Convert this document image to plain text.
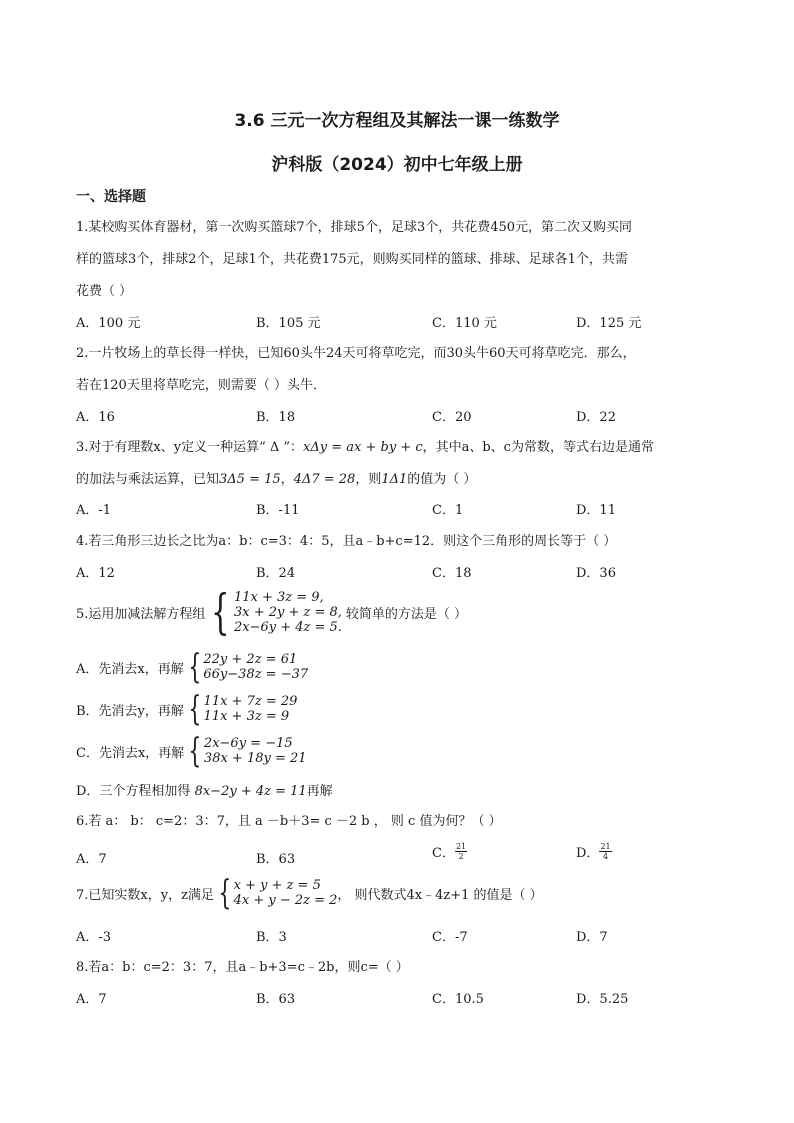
3.6 三元一次方程组及其解法一课一练数学
沪科版（2024）初中七年级上册
一、选择题
1.某校购买体育器材，第一次购买篮球7个，排球5个，足球3个，共花费450元，第二次又购买同
样的篮球3个，排球2个，足球1个，共花费175元，则购买同样的篮球、排球、足球各1个，共需
花费（ ）
A．100 元	B．105 元	C．110 元	D．125 元
2.一片牧场上的草长得一样快，已知60头牛24天可将草吃完，而30头牛60天可将草吃完．那么，
若在120天里将草吃完，则需要（ ）头牛．
A．16	B．18	C．20	D．22
3.对于有理数x、y定义一种运算“ Δ ”：xΔy = ax + by + c，其中a、b、c为常数，等式右边是通常
的加法与乘法运算，已知3Δ5 = 15，4Δ7 = 28，则1Δ1的值为（ ）
A．-1	B．-11	C．1	D．11
4.若三角形三边长之比为a：b：c=3：4：5，且a﹣b+c=12．则这个三角形的周长等于（ ）
A．12	B．24	C．18	D．36
5.运用加减法解方程组 { 11x + 3z = 9,
3x + 2y + z = 8,
2x−6y + 4z = 5.
较简单的方法是（ ）
A．先消去x，再解 { 22y + 2z = 61
66y−38z = −37
B．先消去y，再解 { 11x + 7z = 29
11x + 3z = 9
C．先消去x，再解 { 2x−6y = −15
38x + 18y = 21
D．三个方程相加得 8x−2y + 4z = 11再解
6.若 a： b： c=2：3：7，且 a －b＋3= c －2 b ， 则 c 值为何？（ ）
A．7	B．63	C． $\frac{21}{2}$	D． $\frac{21}{4}$
7.已知实数x，y，z满足 { x + y + z = 5
4x + y − 2z = 2 ， 则代数式4x﹣4z+1 的值是（ ）
A．-3	B．3	C．-7	D．7
8.若a：b：c=2：3：7，且a﹣b+3=c﹣2b，则c=（ ）
A．7	B．63	C．10.5	D．5.25
